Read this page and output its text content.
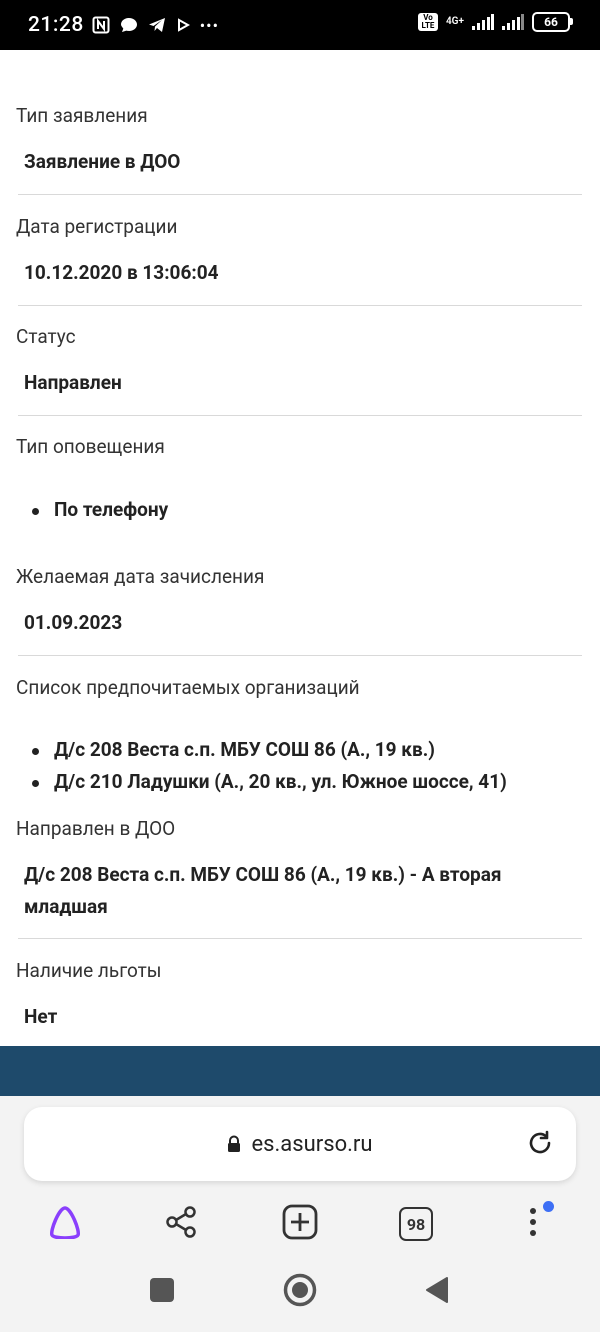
21:28	•••	Vo LTE	4G+	66
Тип заявления
Заявление в ДОО
Дата регистрации
10.12.2020 в 13:06:04
Статус
Направлен
Тип оповещения
По телефону
Желаемая дата зачисления
01.09.2023
Список предпочитаемых организаций
Д/с 208 Веста с.п. МБУ СОШ 86 (А., 19 кв.)
Д/с 210 Ладушки (А., 20 кв., ул. Южное шоссе, 41)
Направлен в ДОО
Д/с 208 Веста с.п. МБУ СОШ 86 (А., 19 кв.) - А вторая
младшая
Наличие льготы
Нет
es.asurso.ru
98
